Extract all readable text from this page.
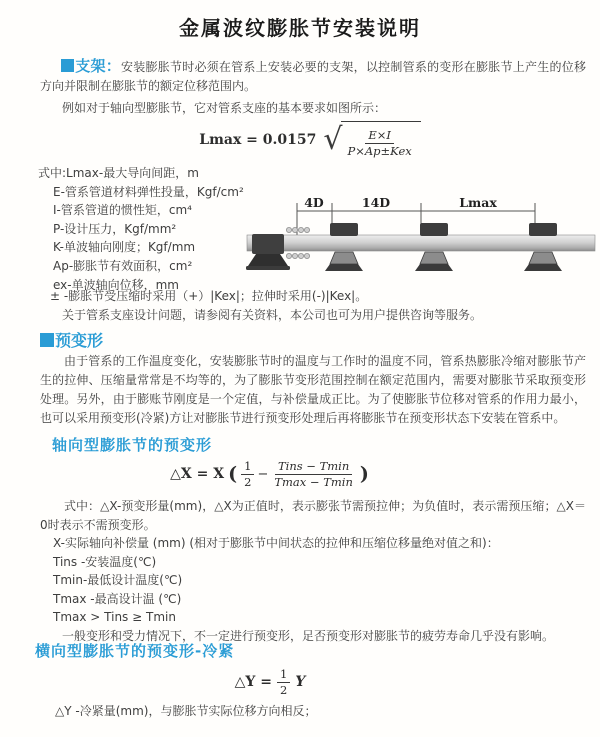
金属波纹膨胀节安装说明

支架：安装膨胀节时必须在管系上安装必要的支架，以控制管系的变形在膨胀节上产生的位移方向并限制在膨胀节的额定位移范围内。

例如对于轴向型膨胀节，它对管系支座的基本要求如图所示：
Lmax = 0.0157 √ $\frac{E\times I}{\text{P×Ap±Kex}}$
式中:Lmax-最大导向间距，m
E-管系管道材料弹性投量，Kgf/cm²
I-管系管道的惯性矩，cm⁴
P-设计压力，Kgf/mm²
K-单波轴向刚度；Kgf/mm
Ap-膨胀节有效面积，cm²
ex-单波轴向位移，mm
± -膨胀节受压缩时采用（+）|Kex|；拉伸时采用(-)|Kex|。
关于管系支座设计问题，请参阅有关资料，本公司也可为用户提供咨询等服务。
4D	14D	Lmax
预变形

由于管系的工作温度变化，安装膨胀节时的温度与工作时的温度不同，管系热膨胀冷缩对膨胀节产生的拉伸、压缩量常常是不均等的，为了膨胀节变形范围控制在额定范围内，需要对膨胀节采取预变形处理。另外，由于膨账节刚度是一个定值，与补偿量成正比。为了使膨胀节位移对管系的作用力最小，也可以采用预变形(冷紧)方让对膨胀节进行预变形处理后再将膨胀节在预变形状态下安装在管系中。

轴向型膨胀节的预变形
△X = X ( $\frac{1}{2} - \frac{\text{Tins − Tmin}}{Tmax - Tmin}$ )

式中：△X-预变形量(mm)，△X为正值时，表示膨张节需预拉伸；为负值时，表示需预压缩；△X＝0时表示不需预变形。

X-实际轴向补偿量 (mm) (相对于膨胀节中间状态的拉伸和压缩位移量绝对值之和)：
Tins -安装温度(℃)
Tmin-最低设计温度(℃)
Tmax -最高设计温 (℃)
Tmax > Tins ≥ Tmin
一般变形和受力情况下，不一定进行预变形，足否预变形对膨胀节的疲劳寿命几乎没有影响。
横向型膨胀节的预变形-冷紧
△Y = $\frac{1}{2}$ Y
△Y -冷紧量(mm)，与膨胀节实际位移方向相反；
